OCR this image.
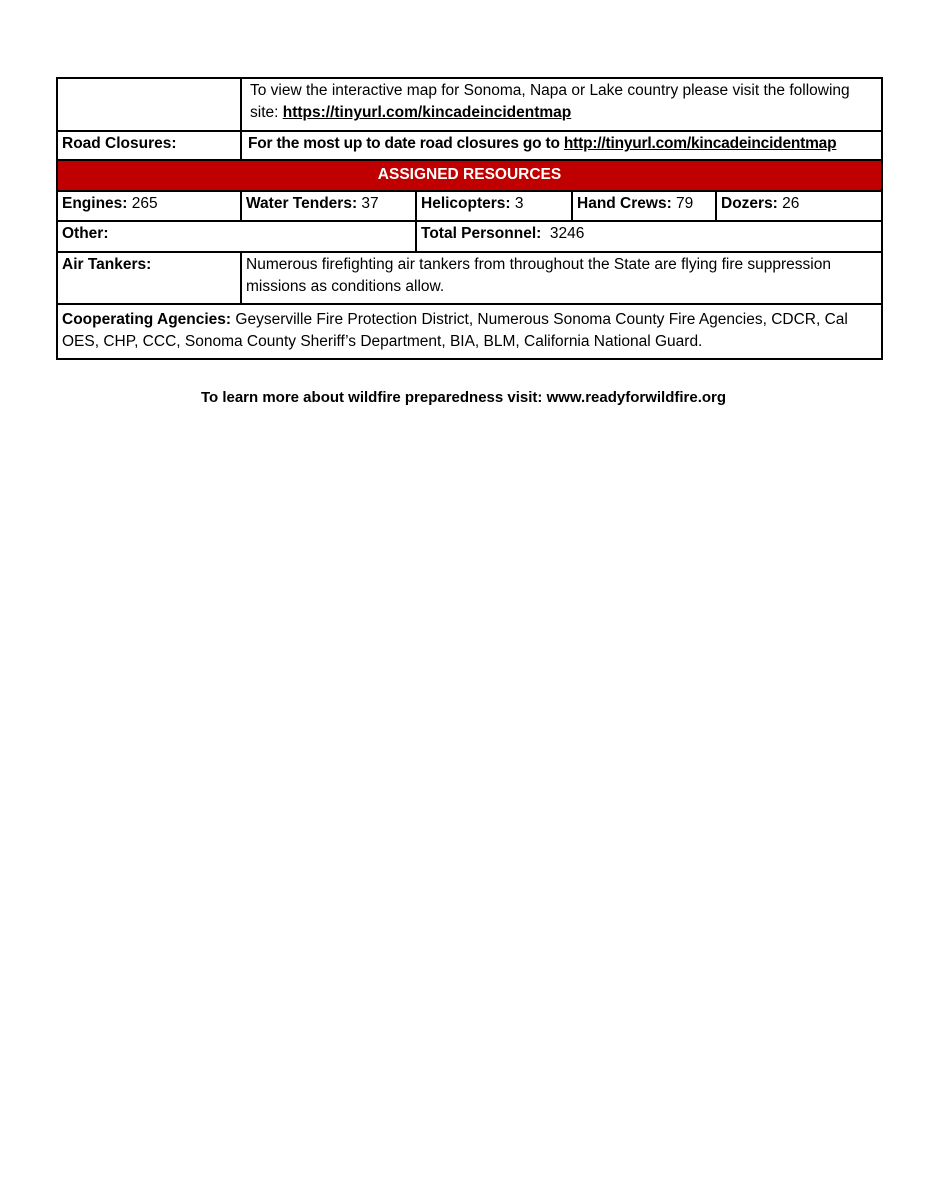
	To view the interactive map for Sonoma, Napa or Lake country please visit the following site: https://tinyurl.com/kincadeincidentmap			
Road Closures:	For the most up to date road closures go to http://tinyurl.com/kincadeincidentmap			
ASSIGNED RESOURCES				
Engines: 265	Water Tenders: 37	Helicopters: 3	Hand Crews: 79	Dozers: 26
Other:		Total Personnel:  3246		
Air Tankers:	Numerous firefighting air tankers from throughout the State are flying fire suppression missions as conditions allow.			
Cooperating Agencies: Geyserville Fire Protection District, Numerous Sonoma County Fire Agencies, CDCR, Cal OES, CHP, CCC, Sonoma County Sheriff’s Department, BIA, BLM, California National Guard.				
To learn more about wildfire preparedness visit: www.readyforwildfire.org
